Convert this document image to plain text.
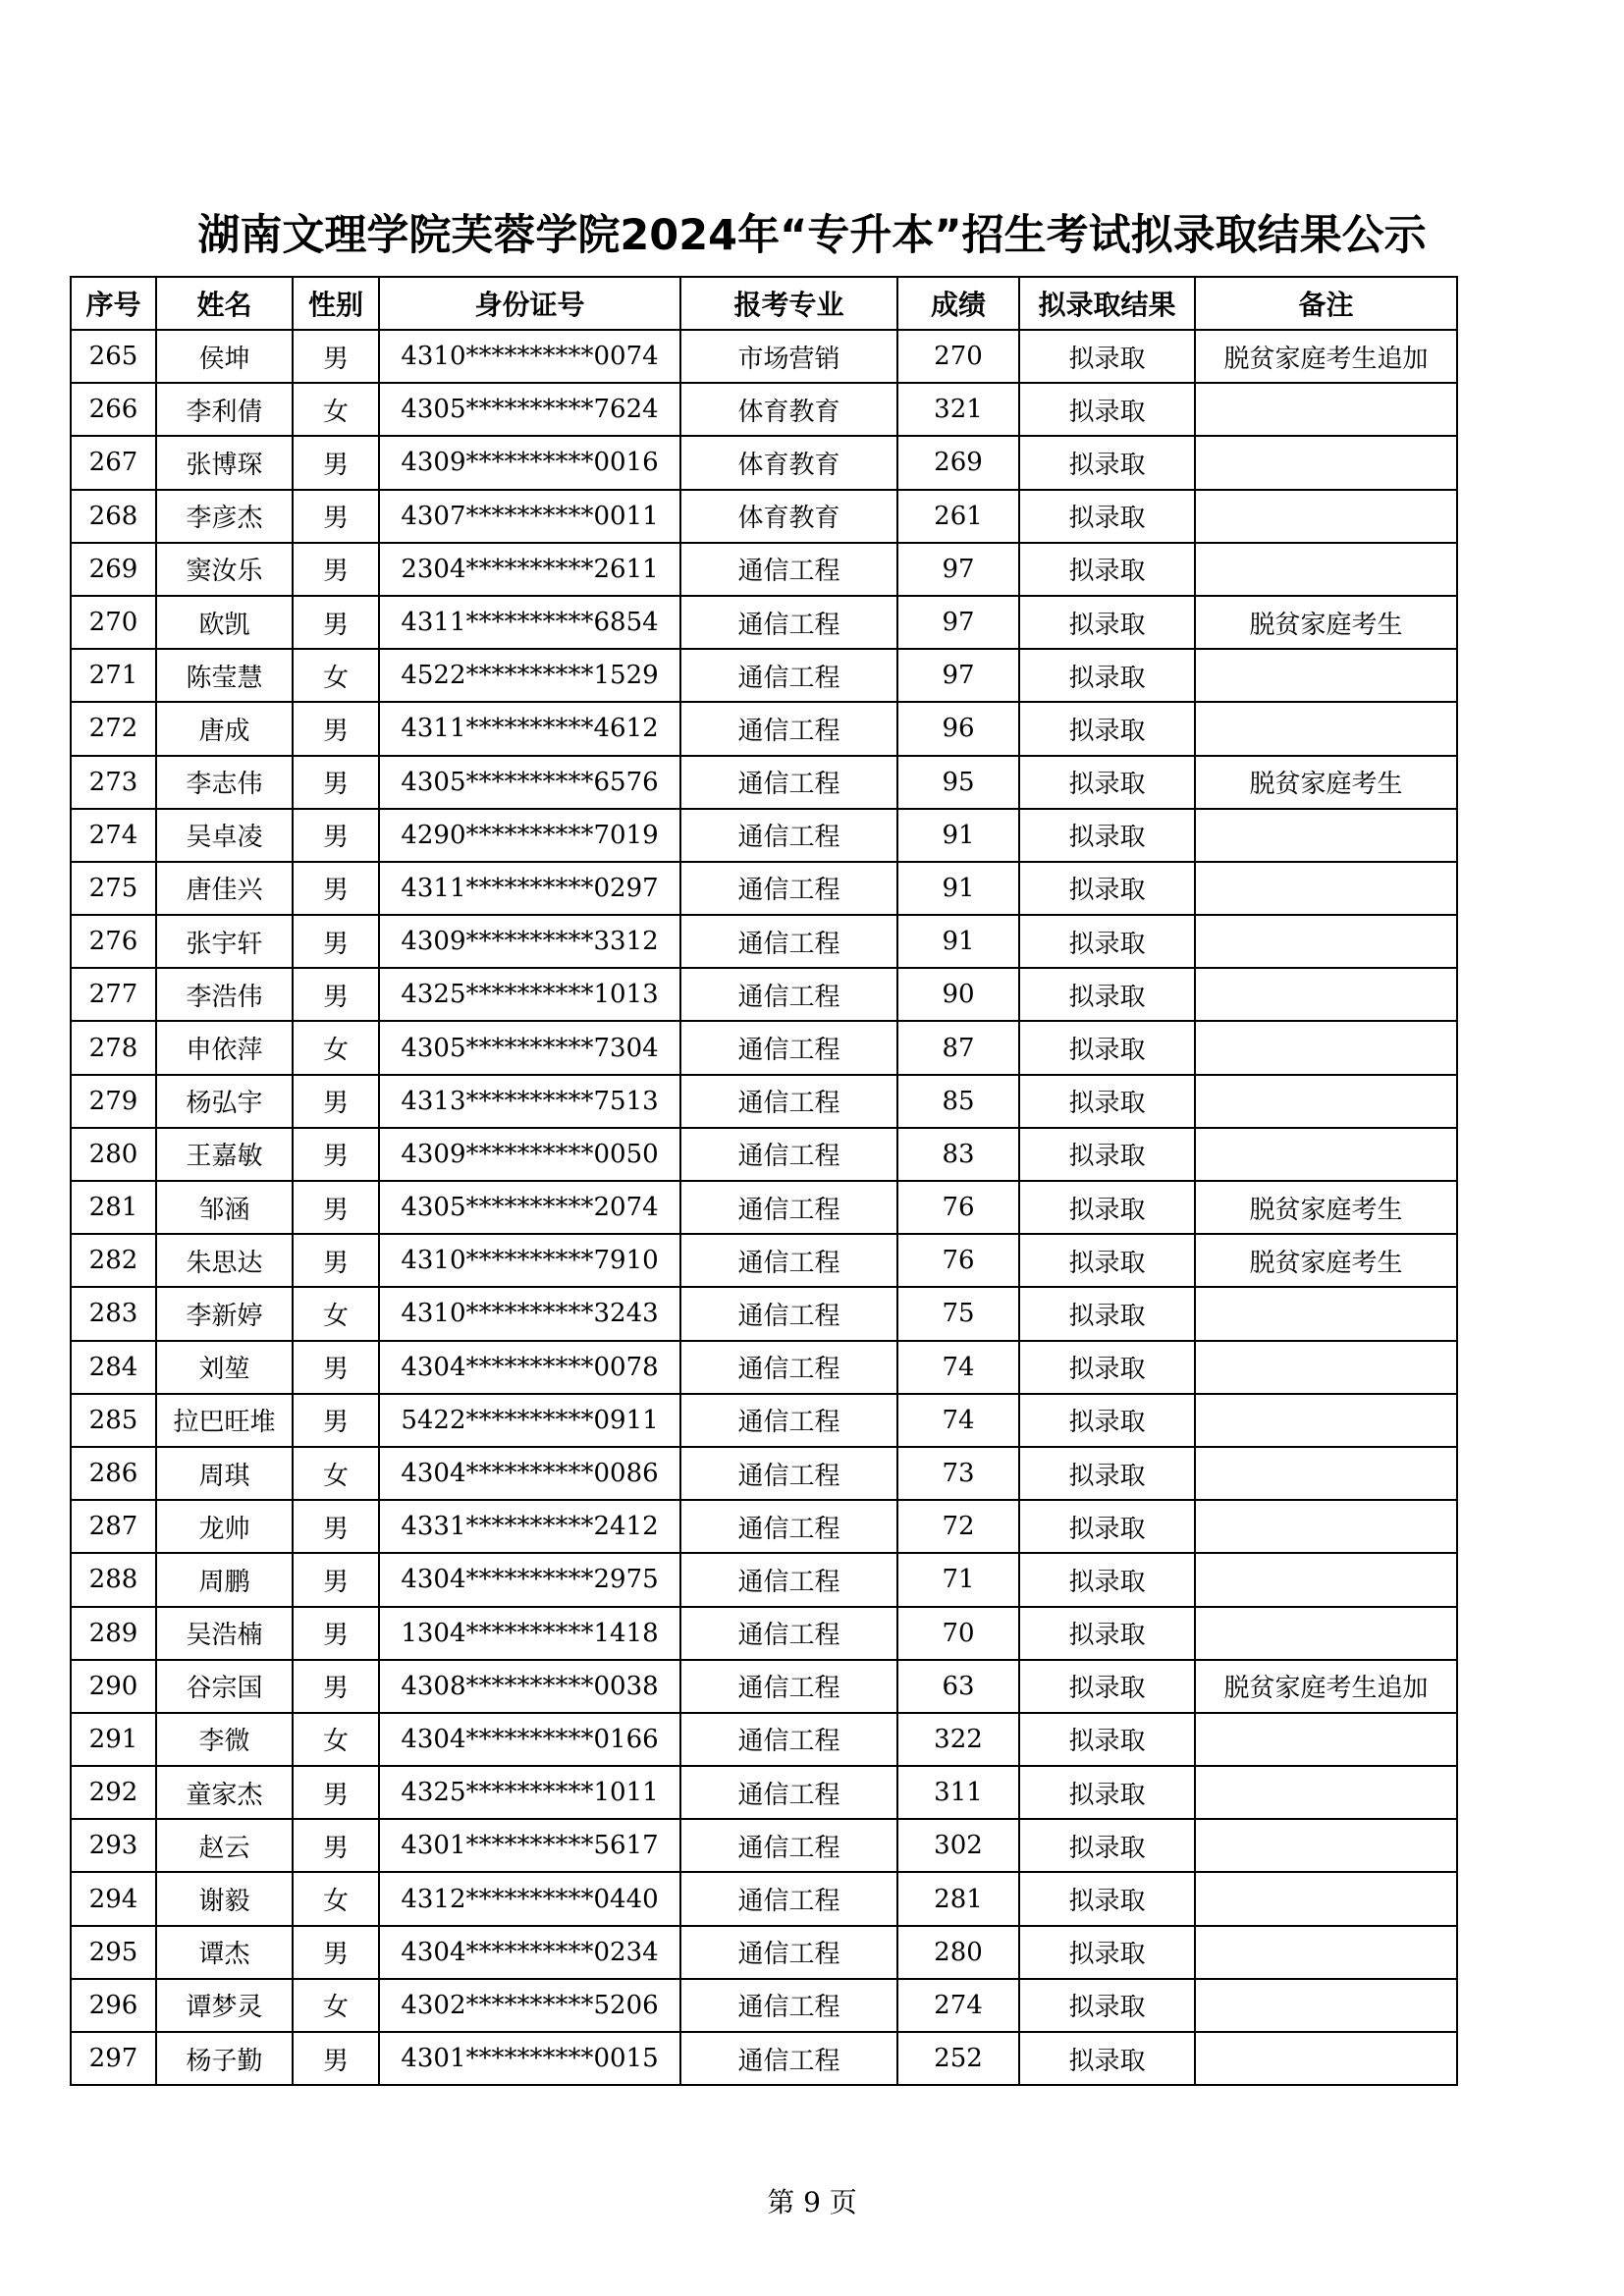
湖南文理学院芙蓉学院2024年“专升本”招生考试拟录取结果公示
序号	姓名	性别	身份证号	报考专业	成绩	拟录取结果	备注
265	侯坤	男	4310**********0074	市场营销	270	拟录取	脱贫家庭考生追加
266	李利倩	女	4305**********7624	体育教育	321	拟录取	
267	张博琛	男	4309**********0016	体育教育	269	拟录取	
268	李彦杰	男	4307**********0011	体育教育	261	拟录取	
269	窦汝乐	男	2304**********2611	通信工程	97	拟录取	
270	欧凯	男	4311**********6854	通信工程	97	拟录取	脱贫家庭考生
271	陈莹慧	女	4522**********1529	通信工程	97	拟录取	
272	唐成	男	4311**********4612	通信工程	96	拟录取	
273	李志伟	男	4305**********6576	通信工程	95	拟录取	脱贫家庭考生
274	吴卓凌	男	4290**********7019	通信工程	91	拟录取	
275	唐佳兴	男	4311**********0297	通信工程	91	拟录取	
276	张宇轩	男	4309**********3312	通信工程	91	拟录取	
277	李浩伟	男	4325**********1013	通信工程	90	拟录取	
278	申依萍	女	4305**********7304	通信工程	87	拟录取	
279	杨弘宇	男	4313**********7513	通信工程	85	拟录取	
280	王嘉敏	男	4309**********0050	通信工程	83	拟录取	
281	邹涵	男	4305**********2074	通信工程	76	拟录取	脱贫家庭考生
282	朱思达	男	4310**********7910	通信工程	76	拟录取	脱贫家庭考生
283	李新婷	女	4310**********3243	通信工程	75	拟录取	
284	刘堃	男	4304**********0078	通信工程	74	拟录取	
285	拉巴旺堆	男	5422**********0911	通信工程	74	拟录取	
286	周琪	女	4304**********0086	通信工程	73	拟录取	
287	龙帅	男	4331**********2412	通信工程	72	拟录取	
288	周鹏	男	4304**********2975	通信工程	71	拟录取	
289	吴浩楠	男	1304**********1418	通信工程	70	拟录取	
290	谷宗国	男	4308**********0038	通信工程	63	拟录取	脱贫家庭考生追加
291	李微	女	4304**********0166	通信工程	322	拟录取	
292	童家杰	男	4325**********1011	通信工程	311	拟录取	
293	赵云	男	4301**********5617	通信工程	302	拟录取	
294	谢毅	女	4312**********0440	通信工程	281	拟录取	
295	谭杰	男	4304**********0234	通信工程	280	拟录取	
296	谭梦灵	女	4302**********5206	通信工程	274	拟录取	
297	杨子勤	男	4301**********0015	通信工程	252	拟录取	
第 9 页
